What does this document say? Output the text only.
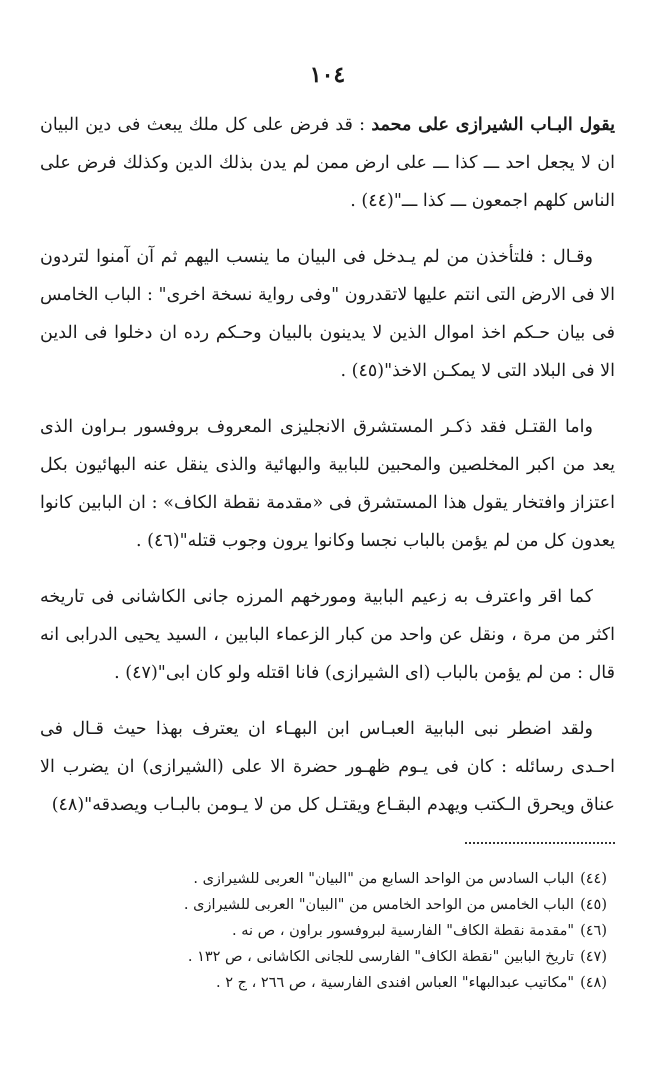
١٠٤

يقول البـاب الشيرازى على محمد : قد فرض على كل ملك يبعث فى دين البيان ان لا يجعل احد ـــ كذا ـــ على ارض ممن لم يدن بذلك الدين وكذلك فرض على الناس كلهم اجمعون ـــ كذا ـــ"(٤٤) .

وقـال : فلتأخذن من لم يـدخل فى البيان ما ينسب اليهم ثم آن آمنوا لتردون الا فى الارض التى انتم عليها لاتقدرون "وفى رواية نسخة اخرى" : الباب الخامس فى بيان حـكم اخذ اموال الذين لا يدينون بالبيان وحـكم رده ان دخلوا فى الدين الا فى البلاد التى لا يمكـن الاخذ"(٤٥) .

واما القتـل فقد ذكـر المستشرق الانجليزى المعروف بروفسور بـراون الذى يعد من اكبر المخلصين والمحبين للبابية والبهائية والذى ينقل عنه البهائيون بكل اعتزاز وافتخار يقول هذا المستشرق فى «مقدمة نقطة الكاف» : ان البابين كانوا يعدون كل من لم يؤمن بالباب نجسا وكانوا يرون وجوب قتله"(٤٦) .

كما اقر واعترف به زعيم البابية ومورخهم المرزه جانى الكاشانى فى تاريخه اكثر من مرة ، ونقل عن واحد من كبار الزعماء البابين ، السيد يحيى الدرابى انه قال : من لم يؤمن بالباب (اى الشيرازى) فانا اقتله ولو كان ابى"(٤٧) .

ولقد اضطر نبى البابية العبـاس ابن البهـاء ان يعترف بهذا حيث قـال فى احـدى رسائله : كان فى يـوم ظهـور حضرة الا على (الشيرازى) ان يضرب الا عناق ويحرق الـكتب ويهدم البقـاع ويقتـل كل من لا يـومن بالبـاب ويصدقه"(٤٨)

(٤٤)الباب السادس من الواحد السابع من "البيان" العربى للشيرازى .
(٤٥)الباب الخامس من الواحد الخامس من "البيان" العربى للشيرازى .
(٤٦)"مقدمة نقطة الكاف" الفارسية لبروفسور براون ، ص نه .
(٤٧)تاريخ البابين "نقطة الكاف" الفارسى للجانى الكاشانى ، ص ١٣٢ .
(٤٨)"مكاتيب عبدالبهاء" العباس افندى الفارسية ، ص ٢٦٦ ، ج ٢ .
